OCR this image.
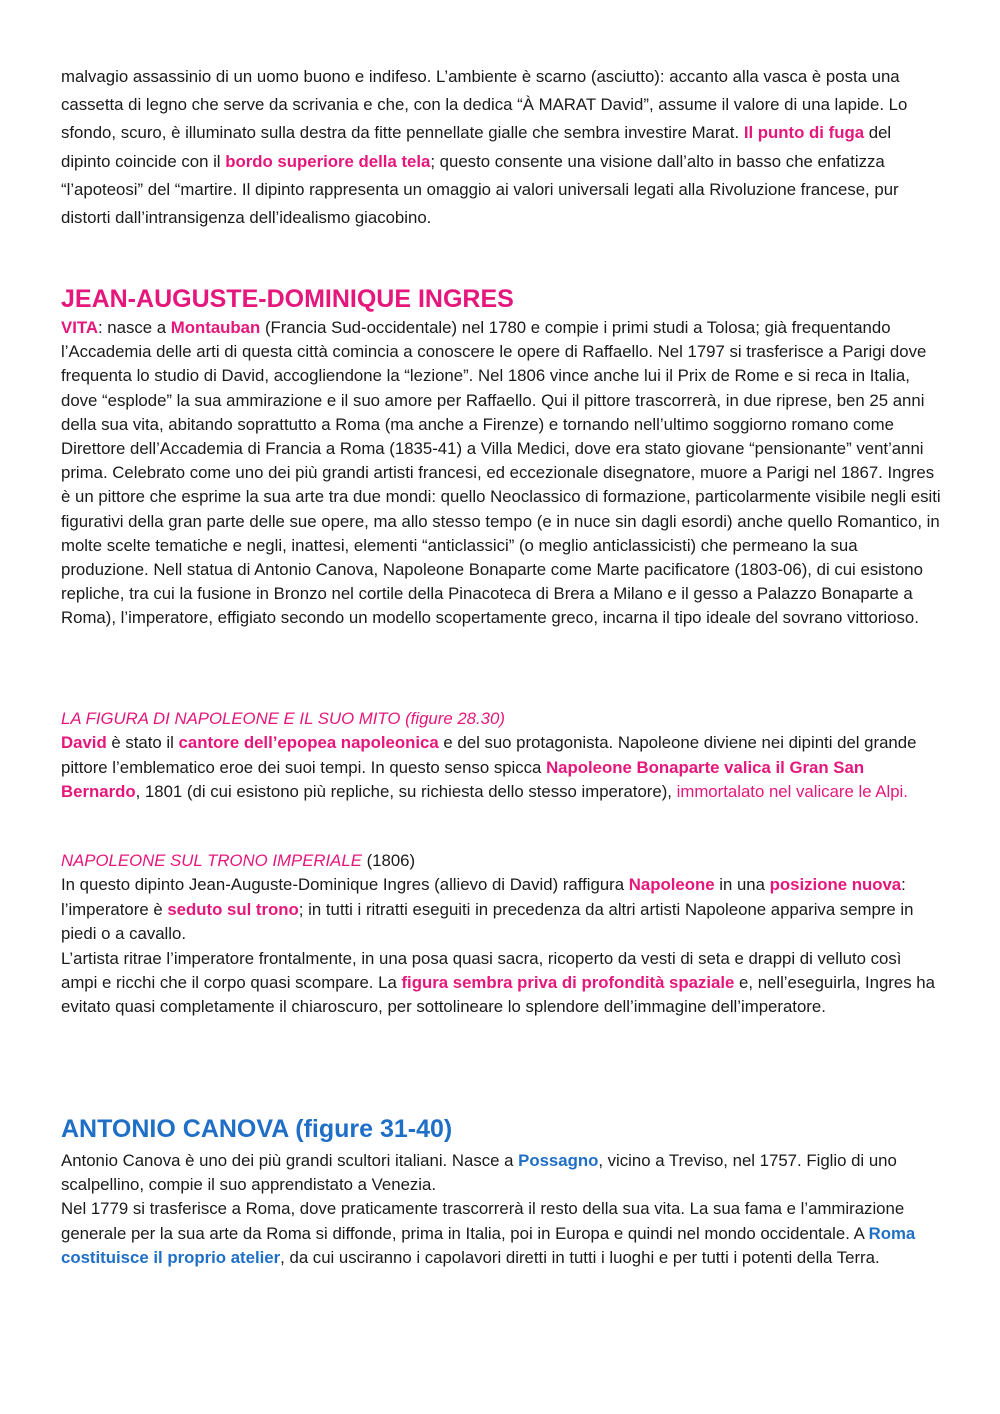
malvagio assassinio di un uomo buono e indifeso. L’ambiente è scarno (asciutto): accanto alla vasca è posta una cassetta di legno che serve da scrivania e che, con la dedica “À MARAT David”, assume il valore di una lapide. Lo sfondo, scuro, è illuminato sulla destra da fitte pennellate gialle che sembra investire Marat. Il punto di fuga del dipinto coincide con il bordo superiore della tela; questo consente una visione dall’alto in basso che enfatizza “l’apoteosi” del “martire. Il dipinto rappresenta un omaggio ai valori universali legati alla Rivoluzione francese, pur distorti dall’intransigenza dell’idealismo giacobino.

JEAN-AUGUSTE-DOMINIQUE INGRES

VITA: nasce a Montauban (Francia Sud-occidentale) nel 1780 e compie i primi studi a Tolosa; già frequentando l’Accademia delle arti di questa città comincia a conoscere le opere di Raffaello. Nel 1797 si trasferisce a Parigi dove frequenta lo studio di David, accogliendone la “lezione”. Nel 1806 vince anche lui il Prix de Rome e si reca in Italia, dove “esplode” la sua ammirazione e il suo amore per Raffaello. Qui il pittore trascorrerà, in due riprese, ben 25 anni della sua vita, abitando soprattutto a Roma (ma anche a Firenze) e tornando nell’ultimo soggiorno romano come Direttore dell’Accademia di Francia a Roma (1835-41) a Villa Medici, dove era stato giovane “pensionante” vent’anni prima. Celebrato come uno dei più grandi artisti francesi, ed eccezionale disegnatore, muore a Parigi nel 1867. Ingres è un pittore che esprime la sua arte tra due mondi: quello Neoclassico di formazione, particolarmente visibile negli esiti figurativi della gran parte delle sue opere, ma allo stesso tempo (e in nuce sin dagli esordi) anche quello Romantico, in molte scelte tematiche e negli, inattesi, elementi “anticlassici” (o meglio anticlassicisti) che permeano la sua produzione. Nell statua di Antonio Canova, Napoleone Bonaparte come Marte pacificatore (1803-06), di cui esistono repliche, tra cui la fusione in Bronzo nel cortile della Pinacoteca di Brera a Milano e il gesso a Palazzo Bonaparte a Roma), l’imperatore, effigiato secondo un modello scopertamente greco, incarna il tipo ideale del sovrano vittorioso.

LA FIGURA DI NAPOLEONE E IL SUO MITO (figure 28.30)
David è stato il cantore dell’epopea napoleonica e del suo protagonista. Napoleone diviene nei dipinti del grande pittore l’emblematico eroe dei suoi tempi. In questo senso spicca Napoleone Bonaparte valica il Gran San Bernardo, 1801 (di cui esistono più repliche, su richiesta dello stesso imperatore), immortalato nel valicare le Alpi.
NAPOLEONE SUL TRONO IMPERIALE (1806)
In questo dipinto Jean-Auguste-Dominique Ingres (allievo di David) raffigura Napoleone in una posizione nuova: l’imperatore è seduto sul trono; in tutti i ritratti eseguiti in precedenza da altri artisti Napoleone appariva sempre in piedi o a cavallo.
L’artista ritrae l’imperatore frontalmente, in una posa quasi sacra, ricoperto da vesti di seta e drappi di velluto così ampi e ricchi che il corpo quasi scompare. La figura sembra priva di profondità spaziale e, nell’eseguirla, Ingres ha evitato quasi completamente il chiaroscuro, per sottolineare lo splendore dell’immagine dell’imperatore.
ANTONIO CANOVA (figure 31-40)
Antonio Canova è uno dei più grandi scultori italiani. Nasce a Possagno, vicino a Treviso, nel 1757. Figlio di uno scalpellino, compie il suo apprendistato a Venezia.
Nel 1779 si trasferisce a Roma, dove praticamente trascorrerà il resto della sua vita. La sua fama e l’ammirazione generale per la sua arte da Roma si diffonde, prima in Italia, poi in Europa e quindi nel mondo occidentale. A Roma costituisce il proprio atelier, da cui usciranno i capolavori diretti in tutti i luoghi e per tutti i potenti della Terra.
